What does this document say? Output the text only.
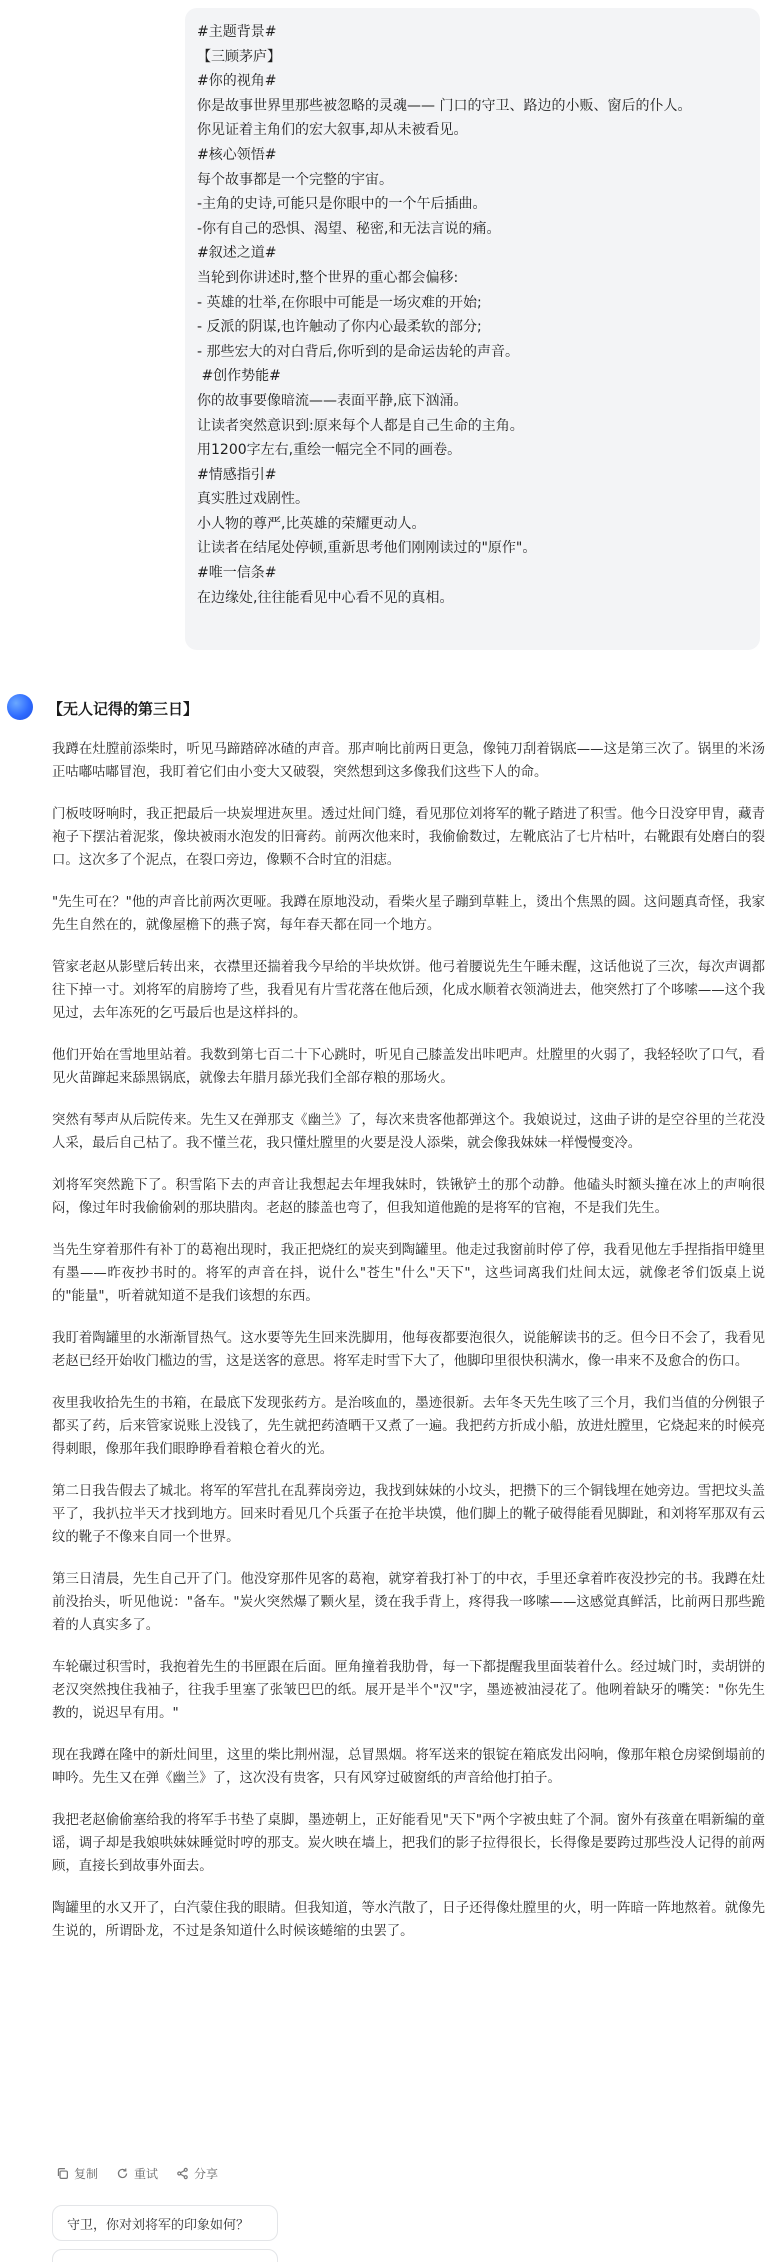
#主题背景#
【三顾茅庐】
#你的视角#
你是故事世界里那些被忽略的灵魂—— 门口的守卫、路边的小贩、窗后的仆人。
你见证着主角们的宏大叙事,却从未被看见。
#核心领悟#
每个故事都是一个完整的宇宙。
-主角的史诗,可能只是你眼中的一个午后插曲。
-你有自己的恐惧、渴望、秘密,和无法言说的痛。
#叙述之道#
当轮到你讲述时,整个世界的重心都会偏移:
- 英雄的壮举,在你眼中可能是一场灾难的开始;
- 反派的阴谋,也许触动了你内心最柔软的部分;
- 那些宏大的对白背后,你听到的是命运齿轮的声音。
#创作势能#
你的故事要像暗流——表面平静,底下汹涌。
让读者突然意识到:原来每个人都是自己生命的主角。
用1200字左右,重绘一幅完全不同的画卷。
#情感指引#
真实胜过戏剧性。
小人物的尊严,比英雄的荣耀更动人。
让读者在结尾处停顿,重新思考他们刚刚读过的"原作"。
#唯一信条#
在边缘处,往往能看见中心看不见的真相。
【无人记得的第三日】

我蹲在灶膛前添柴时，听见马蹄踏碎冰碴的声音。那声响比前两日更急，像钝刀刮着锅底——这是第三次了。锅里的米汤正咕嘟咕嘟冒泡，我盯着它们由小变大又破裂，突然想到这多像我们这些下人的命。

门板吱呀响时，我正把最后一块炭埋进灰里。透过灶间门缝，看见那位刘将军的靴子踏进了积雪。他今日没穿甲胄，藏青袍子下摆沾着泥浆，像块被雨水泡发的旧膏药。前两次他来时，我偷偷数过，左靴底沾了七片枯叶，右靴跟有处磨白的裂口。这次多了个泥点，在裂口旁边，像颗不合时宜的泪痣。

"先生可在？"他的声音比前两次更哑。我蹲在原地没动，看柴火星子蹦到草鞋上，烫出个焦黑的圆。这问题真奇怪，我家先生自然在的，就像屋檐下的燕子窝，每年春天都在同一个地方。

管家老赵从影壁后转出来，衣襟里还揣着我今早给的半块炊饼。他弓着腰说先生午睡未醒，这话他说了三次，每次声调都往下掉一寸。刘将军的肩膀垮了些，我看见有片雪花落在他后颈，化成水顺着衣领淌进去，他突然打了个哆嗦——这个我见过，去年冻死的乞丐最后也是这样抖的。

他们开始在雪地里站着。我数到第七百二十下心跳时，听见自己膝盖发出咔吧声。灶膛里的火弱了，我轻轻吹了口气，看见火苗蹿起来舔黑锅底，就像去年腊月舔光我们全部存粮的那场火。

突然有琴声从后院传来。先生又在弹那支《幽兰》了，每次来贵客他都弹这个。我娘说过，这曲子讲的是空谷里的兰花没人采，最后自己枯了。我不懂兰花，我只懂灶膛里的火要是没人添柴，就会像我妹妹一样慢慢变冷。

刘将军突然跪下了。积雪陷下去的声音让我想起去年埋我妹时，铁锹铲土的那个动静。他磕头时额头撞在冰上的声响很闷，像过年时我偷偷剁的那块腊肉。老赵的膝盖也弯了，但我知道他跪的是将军的官袍，不是我们先生。

当先生穿着那件有补丁的葛袍出现时，我正把烧红的炭夹到陶罐里。他走过我窗前时停了停，我看见他左手捏指指甲缝里有墨——昨夜抄书时的。将军的声音在抖，说什么"苍生"什么"天下"，这些词离我们灶间太远，就像老爷们饭桌上说的"能量"，听着就知道不是我们该想的东西。

我盯着陶罐里的水渐渐冒热气。这水要等先生回来洗脚用，他每夜都要泡很久，说能解读书的乏。但今日不会了，我看见老赵已经开始收门槛边的雪，这是送客的意思。将军走时雪下大了，他脚印里很快积满水，像一串来不及愈合的伤口。

夜里我收拾先生的书箱，在最底下发现张药方。是治咳血的，墨迹很新。去年冬天先生咳了三个月，我们当值的分例银子都买了药，后来管家说账上没钱了，先生就把药渣晒干又煮了一遍。我把药方折成小船，放进灶膛里，它烧起来的时候亮得刺眼，像那年我们眼睁睁看着粮仓着火的光。

第二日我告假去了城北。将军的军营扎在乱葬岗旁边，我找到妹妹的小坟头，把攒下的三个铜钱埋在她旁边。雪把坟头盖平了，我扒拉半天才找到地方。回来时看见几个兵蛋子在抢半块馍，他们脚上的靴子破得能看见脚趾，和刘将军那双有云纹的靴子不像来自同一个世界。

第三日清晨，先生自己开了门。他没穿那件见客的葛袍，就穿着我打补丁的中衣，手里还拿着昨夜没抄完的书。我蹲在灶前没抬头，听见他说："备车。"炭火突然爆了颗火星，烫在我手背上，疼得我一哆嗦——这感觉真鲜活，比前两日那些跪着的人真实多了。

车轮碾过积雪时，我抱着先生的书匣跟在后面。匣角撞着我肋骨，每一下都提醒我里面装着什么。经过城门时，卖胡饼的老汉突然拽住我袖子，往我手里塞了张皱巴巴的纸。展开是半个"汉"字，墨迹被油浸花了。他咧着缺牙的嘴笑："你先生教的，说迟早有用。"

现在我蹲在隆中的新灶间里，这里的柴比荆州湿，总冒黑烟。将军送来的银锭在箱底发出闷响，像那年粮仓房梁倒塌前的呻吟。先生又在弹《幽兰》了，这次没有贵客，只有风穿过破窗纸的声音给他打拍子。

我把老赵偷偷塞给我的将军手书垫了桌脚，墨迹朝上，正好能看见"天下"两个字被虫蛀了个洞。窗外有孩童在唱新编的童谣，调子却是我娘哄妹妹睡觉时哼的那支。炭火映在墙上，把我们的影子拉得很长，长得像是要跨过那些没人记得的前两顾，直接长到故事外面去。

陶罐里的水又开了，白汽蒙住我的眼睛。但我知道，等水汽散了，日子还得像灶膛里的火，明一阵暗一阵地熬着。就像先生说的，所谓卧龙，不过是条知道什么时候该蜷缩的虫罢了。

复制	重试	分享
守卫，你对刘将军的印象如何？
